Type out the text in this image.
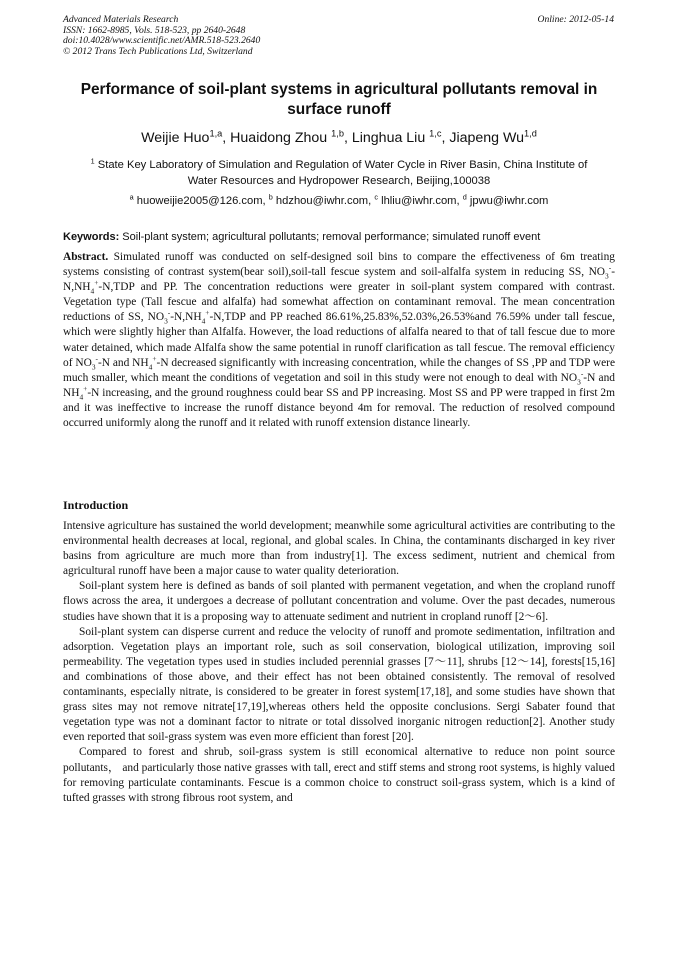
Advanced Materials Research
ISSN: 1662-8985, Vols. 518-523, pp 2640-2648
doi:10.4028/www.scientific.net/AMR.518-523.2640
© 2012 Trans Tech Publications Ltd, Switzerland
Online: 2012-05-14
Performance of soil-plant systems in agricultural pollutants removal in
surface runoff
Weijie Huo$^{1,a}$, Huaidong Zhou $^{1,b}$, Linghua Liu $^{1,c}$, Jiapeng Wu$^{1,d}$
$^1$ State Key Laboratory of Simulation and Regulation of Water Cycle in River Basin, China Institute of
Water Resources and Hydropower Research, Beijing,100038
$^a$ huoweijie2005@126.com, $^b$ hdzhou@iwhr.com, $^c$ lhliu@iwhr.com, $^d$ jpwu@iwhr.com
Keywords: Soil-plant system; agricultural pollutants; removal performance; simulated runoff event
Abstract. Simulated runoff was conducted on self-designed soil bins to compare the effectiveness of 6m treating systems consisting of contrast system(bear soil),soil-tall fescue system and soil-alfalfa system in reducing SS, $NO_3^--N,NH_4^+-N,TDP$ and PP. The concentration reductions were greater in soil-plant system compared with contrast. Vegetation type (Tall fescue and alfalfa) had somewhat affection on contaminant removal. The mean concentration reductions of SS, $NO_3^--N,NH_4^+-N,TDP$ and PP reached 86.61%,25.83%,52.03%,26.53%and 76.59% under tall fescue, which were slightly higher than Alfalfa. However, the load reductions of alfalfa neared to that of tall fescue due to more water detained, which made Alfalfa show the same potential in runoff clarification as tall fescue. The removal efficiency of $NO_3^--N$ and $NH_4^+-N$ decreased significantly with increasing concentration, while the changes of SS ,PP and TDP were much smaller, which meant the conditions of vegetation and soil in this study were not enough to deal with $NO_3^--N$ and $NH_4^+-N$ increasing, and the ground roughness could bear SS and PP increasing. Most SS and PP were trapped in first 2m and it was ineffective to increase the runoff distance beyond 4m for removal. The reduction of resolved compound occurred uniformly along the runoff and it related with runoff extension distance linearly.
Introduction

Intensive agriculture has sustained the world development; meanwhile some agricultural activities are contributing to the environmental health decreases at local, regional, and global scales. In China, the contaminants discharged in key river basins from agriculture are much more than from industry[1]. The excess sediment, nutrient and chemical from agricultural runoff have been a major cause to water quality deterioration.

Soil-plant system here is defined as bands of soil planted with permanent vegetation, and when the cropland runoff flows across the area, it undergoes a decrease of pollutant concentration and volume. Over the past decades, numerous studies have shown that it is a proposing way to attenuate sediment and nutrient in cropland runoff [2～6].

Soil-plant system can disperse current and reduce the velocity of runoff and promote sedimentation, infiltration and adsorption. Vegetation plays an important role, such as soil conservation, biological utilization, improving soil permeability. The vegetation types used in studies included perennial grasses [7～11], shrubs [12～14], forests[15,16] and combinations of those above, and their effect has not been obtained consistently. The removal of resolved contaminants, especially nitrate, is considered to be greater in forest system[17,18], and some studies have shown that grass sites may not remove nitrate[17,19],whereas others held the opposite conclusions. Sergi Sabater found that vegetation type was not a dominant factor to nitrate or total dissolved inorganic nitrogen reduction[2]. Another study even reported that soil-grass system was even more efficient than forest [20].

Compared to forest and shrub, soil-grass system is still economical alternative to reduce non point source pollutants， and particularly those native grasses with tall, erect and stiff stems and strong root systems, is highly valued for removing particulate contaminants. Fescue is a common choice to construct soil-grass system, which is a kind of tufted grasses with strong fibrous root system, and
